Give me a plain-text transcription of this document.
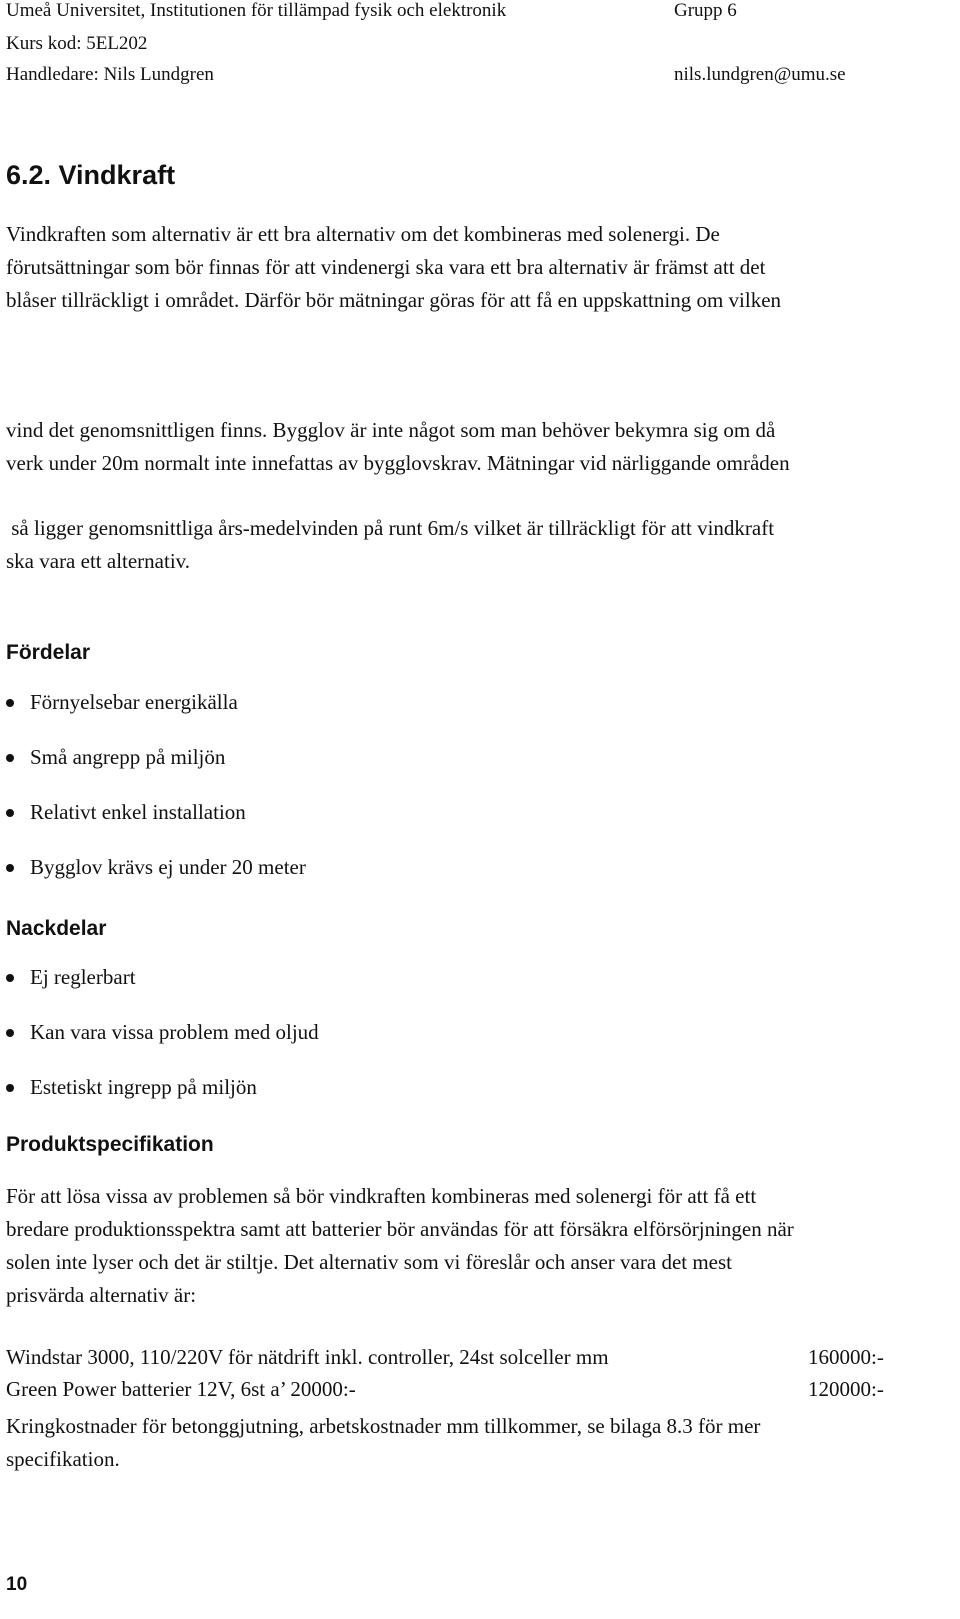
Umeå Universitet, Institutionen för tillämpad fysik och elektronik	Grupp 6
Kurs kod: 5EL202
Handledare: Nils Lundgren	nils.lundgren@umu.se
6.2. Vindkraft
Vindkraften som alternativ är ett bra alternativ om det kombineras med solenergi. De
förutsättningar som bör finnas för att vindenergi ska vara ett bra alternativ är främst att det
blåser tillräckligt i området. Därför bör mätningar göras för att få en uppskattning om vilken
vind det genomsnittligen finns. Bygglov är inte något som man behöver bekymra sig om då
verk under 20m normalt inte innefattas av bygglovskrav. Mätningar vid närliggande områden
så ligger genomsnittliga års-medelvinden på runt 6m/s vilket är tillräckligt för att vindkraft
ska vara ett alternativ.
Fördelar
Förnyelsebar energikälla
Små angrepp på miljön
Relativt enkel installation
Bygglov krävs ej under 20 meter
Nackdelar
Ej reglerbart
Kan vara vissa problem med oljud
Estetiskt ingrepp på miljön
Produktspecifikation
För att lösa vissa av problemen så bör vindkraften kombineras med solenergi för att få ett
bredare produktionsspektra samt att batterier bör användas för att försäkra elförsörjningen när
solen inte lyser och det är stiltje. Det alternativ som vi föreslår och anser vara det mest
prisvärda alternativ är:
Windstar 3000, 110/220V för nätdrift inkl. controller, 24st solceller mm	160000:-
Green Power batterier 12V, 6st a’ 20000:-	120000:-
Kringkostnader för betonggjutning, arbetskostnader mm tillkommer, se bilaga 8.3 för mer
specifikation.
10
